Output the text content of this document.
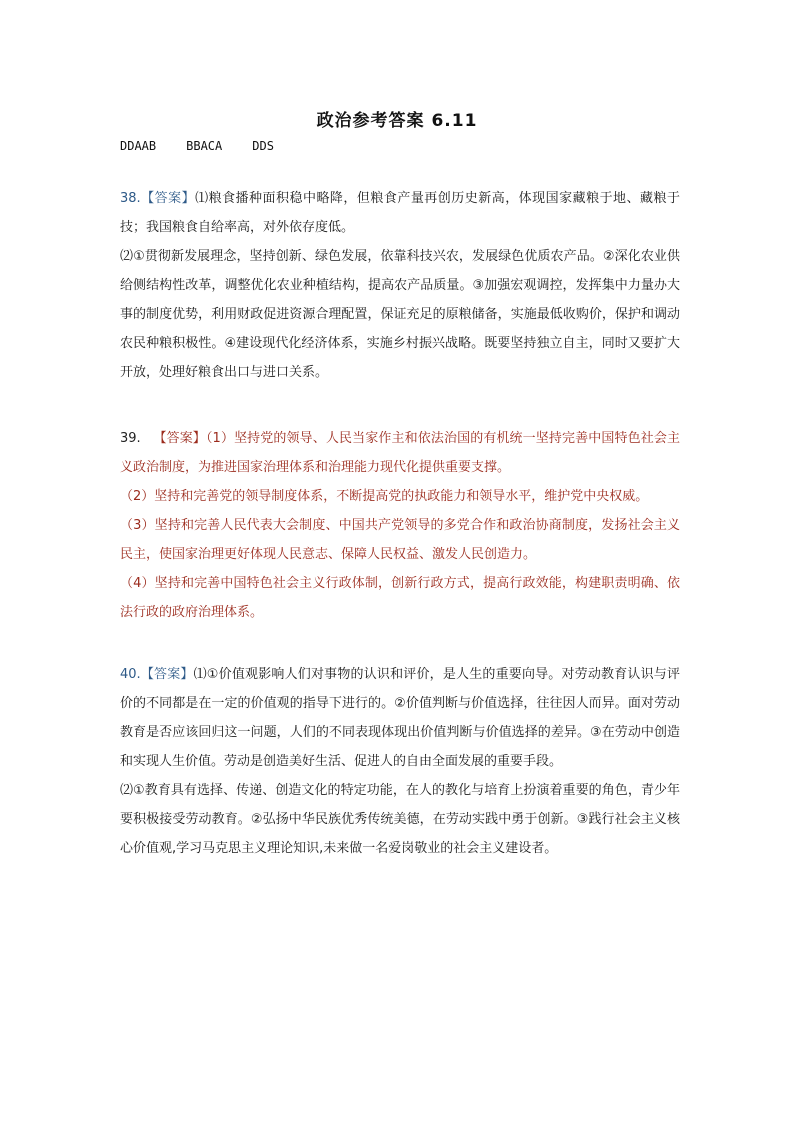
政治参考答案 6.11
DDAAB	BBACA	DDS

38.【答案】⑴粮食播种面积稳中略降，但粮食产量再创历史新高，体现国家藏粮于地、藏粮于技；我国粮食自给率高，对外依存度低。

⑵①贯彻新发展理念，坚持创新、绿色发展，依靠科技兴农，发展绿色优质农产品。②深化农业供给侧结构性改革，调整优化农业种植结构，提高农产品质量。③加强宏观调控，发挥集中力量办大事的制度优势，利用财政促进资源合理配置，保证充足的原粮储备，实施最低收购价，保护和调动农民种粮积极性。④建设现代化经济体系，实施乡村振兴战略。既要坚持独立自主，同时又要扩大开放，处理好粮食出口与进口关系。

39. 【答案】（1）坚持党的领导、人民当家作主和依法治国的有机统一坚持完善中国特色社会主义政治制度，为推进国家治理体系和治理能力现代化提供重要支撑。

（2）坚持和完善党的领导制度体系，不断提高党的执政能力和领导水平，维护党中央权威。

（3）坚持和完善人民代表大会制度、中国共产党领导的多党合作和政治协商制度，发扬社会主义民主，使国家治理更好体现人民意志、保障人民权益、激发人民创造力。

（4）坚持和完善中国特色社会主义行政体制，创新行政方式，提高行政效能，构建职责明确、依法行政的政府治理体系。

40.【答案】⑴①价值观影响人们对事物的认识和评价，是人生的重要向导。对劳动教育认识与评价的不同都是在一定的价值观的指导下进行的。②价值判断与价值选择，往往因人而异。面对劳动教育是否应该回归这一问题，人们的不同表现体现出价值判断与价值选择的差异。③在劳动中创造和实现人生价值。劳动是创造美好生活、促进人的自由全面发展的重要手段。

⑵①教育具有选择、传递、创造文化的特定功能，在人的教化与培育上扮演着重要的角色，青少年要积极接受劳动教育。②弘扬中华民族优秀传统美德，在劳动实践中勇于创新。③践行社会主义核心价值观,学习马克思主义理论知识,未来做一名爱岗敬业的社会主义建设者。
